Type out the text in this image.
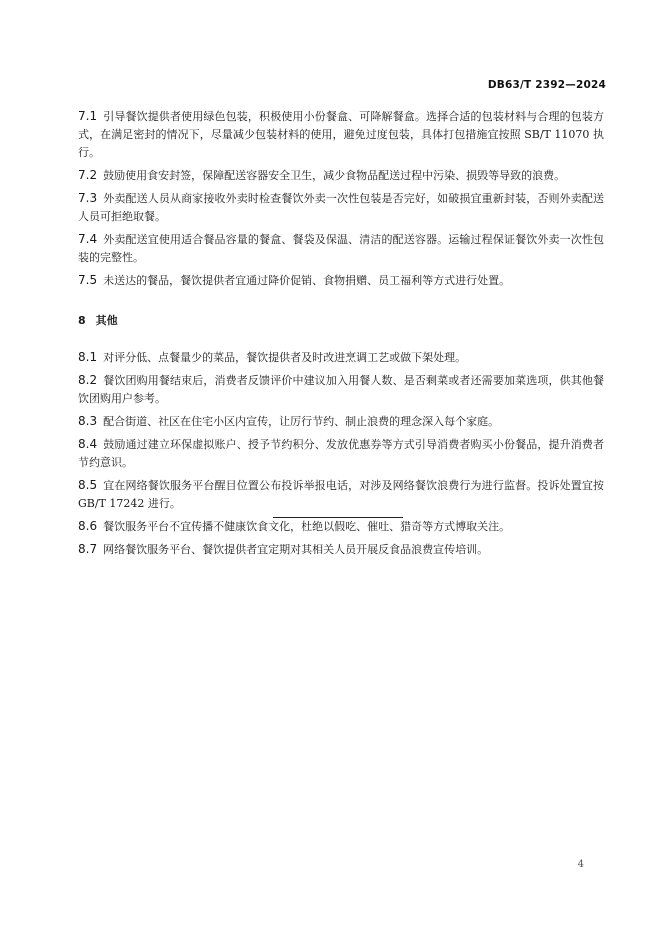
DB63/T 2392—2024
7.1 引导餐饮提供者使用绿色包装，积极使用小份餐盒、可降解餐盒。选择合适的包装材料与合理的包装方式，在满足密封的情况下，尽量减少包装材料的使用，避免过度包装，具体打包措施宜按照 SB/T 11070 执行。
7.2 鼓励使用食安封签，保障配送容器安全卫生，减少食物品配送过程中污染、损毁等导致的浪费。
7.3 外卖配送人员从商家接收外卖时检查餐饮外卖一次性包装是否完好，如破损宜重新封装，否则外卖配送人员可拒绝取餐。
7.4 外卖配送宜使用适合餐品容量的餐盒、餐袋及保温、清洁的配送容器。运输过程保证餐饮外卖一次性包装的完整性。
7.5 未送达的餐品，餐饮提供者宜通过降价促销、食物捐赠、员工福利等方式进行处置。
8 其他
8.1 对评分低、点餐量少的菜品，餐饮提供者及时改进烹调工艺或做下架处理。
8.2 餐饮团购用餐结束后，消费者反馈评价中建议加入用餐人数、是否剩菜或者还需要加菜选项，供其他餐饮团购用户参考。
8.3 配合街道、社区在住宅小区内宣传，让厉行节约、制止浪费的理念深入每个家庭。
8.4 鼓励通过建立环保虚拟账户、授予节约积分、发放优惠券等方式引导消费者购买小份餐品，提升消费者节约意识。
8.5 宜在网络餐饮服务平台醒目位置公布投诉举报电话，对涉及网络餐饮浪费行为进行监督。投诉处置宜按 GB/T 17242 进行。
8.6 餐饮服务平台不宜传播不健康饮食文化，杜绝以假吃、催吐、猎奇等方式博取关注。
8.7 网络餐饮服务平台、餐饮提供者宜定期对其相关人员开展反食品浪费宣传培训。
4
